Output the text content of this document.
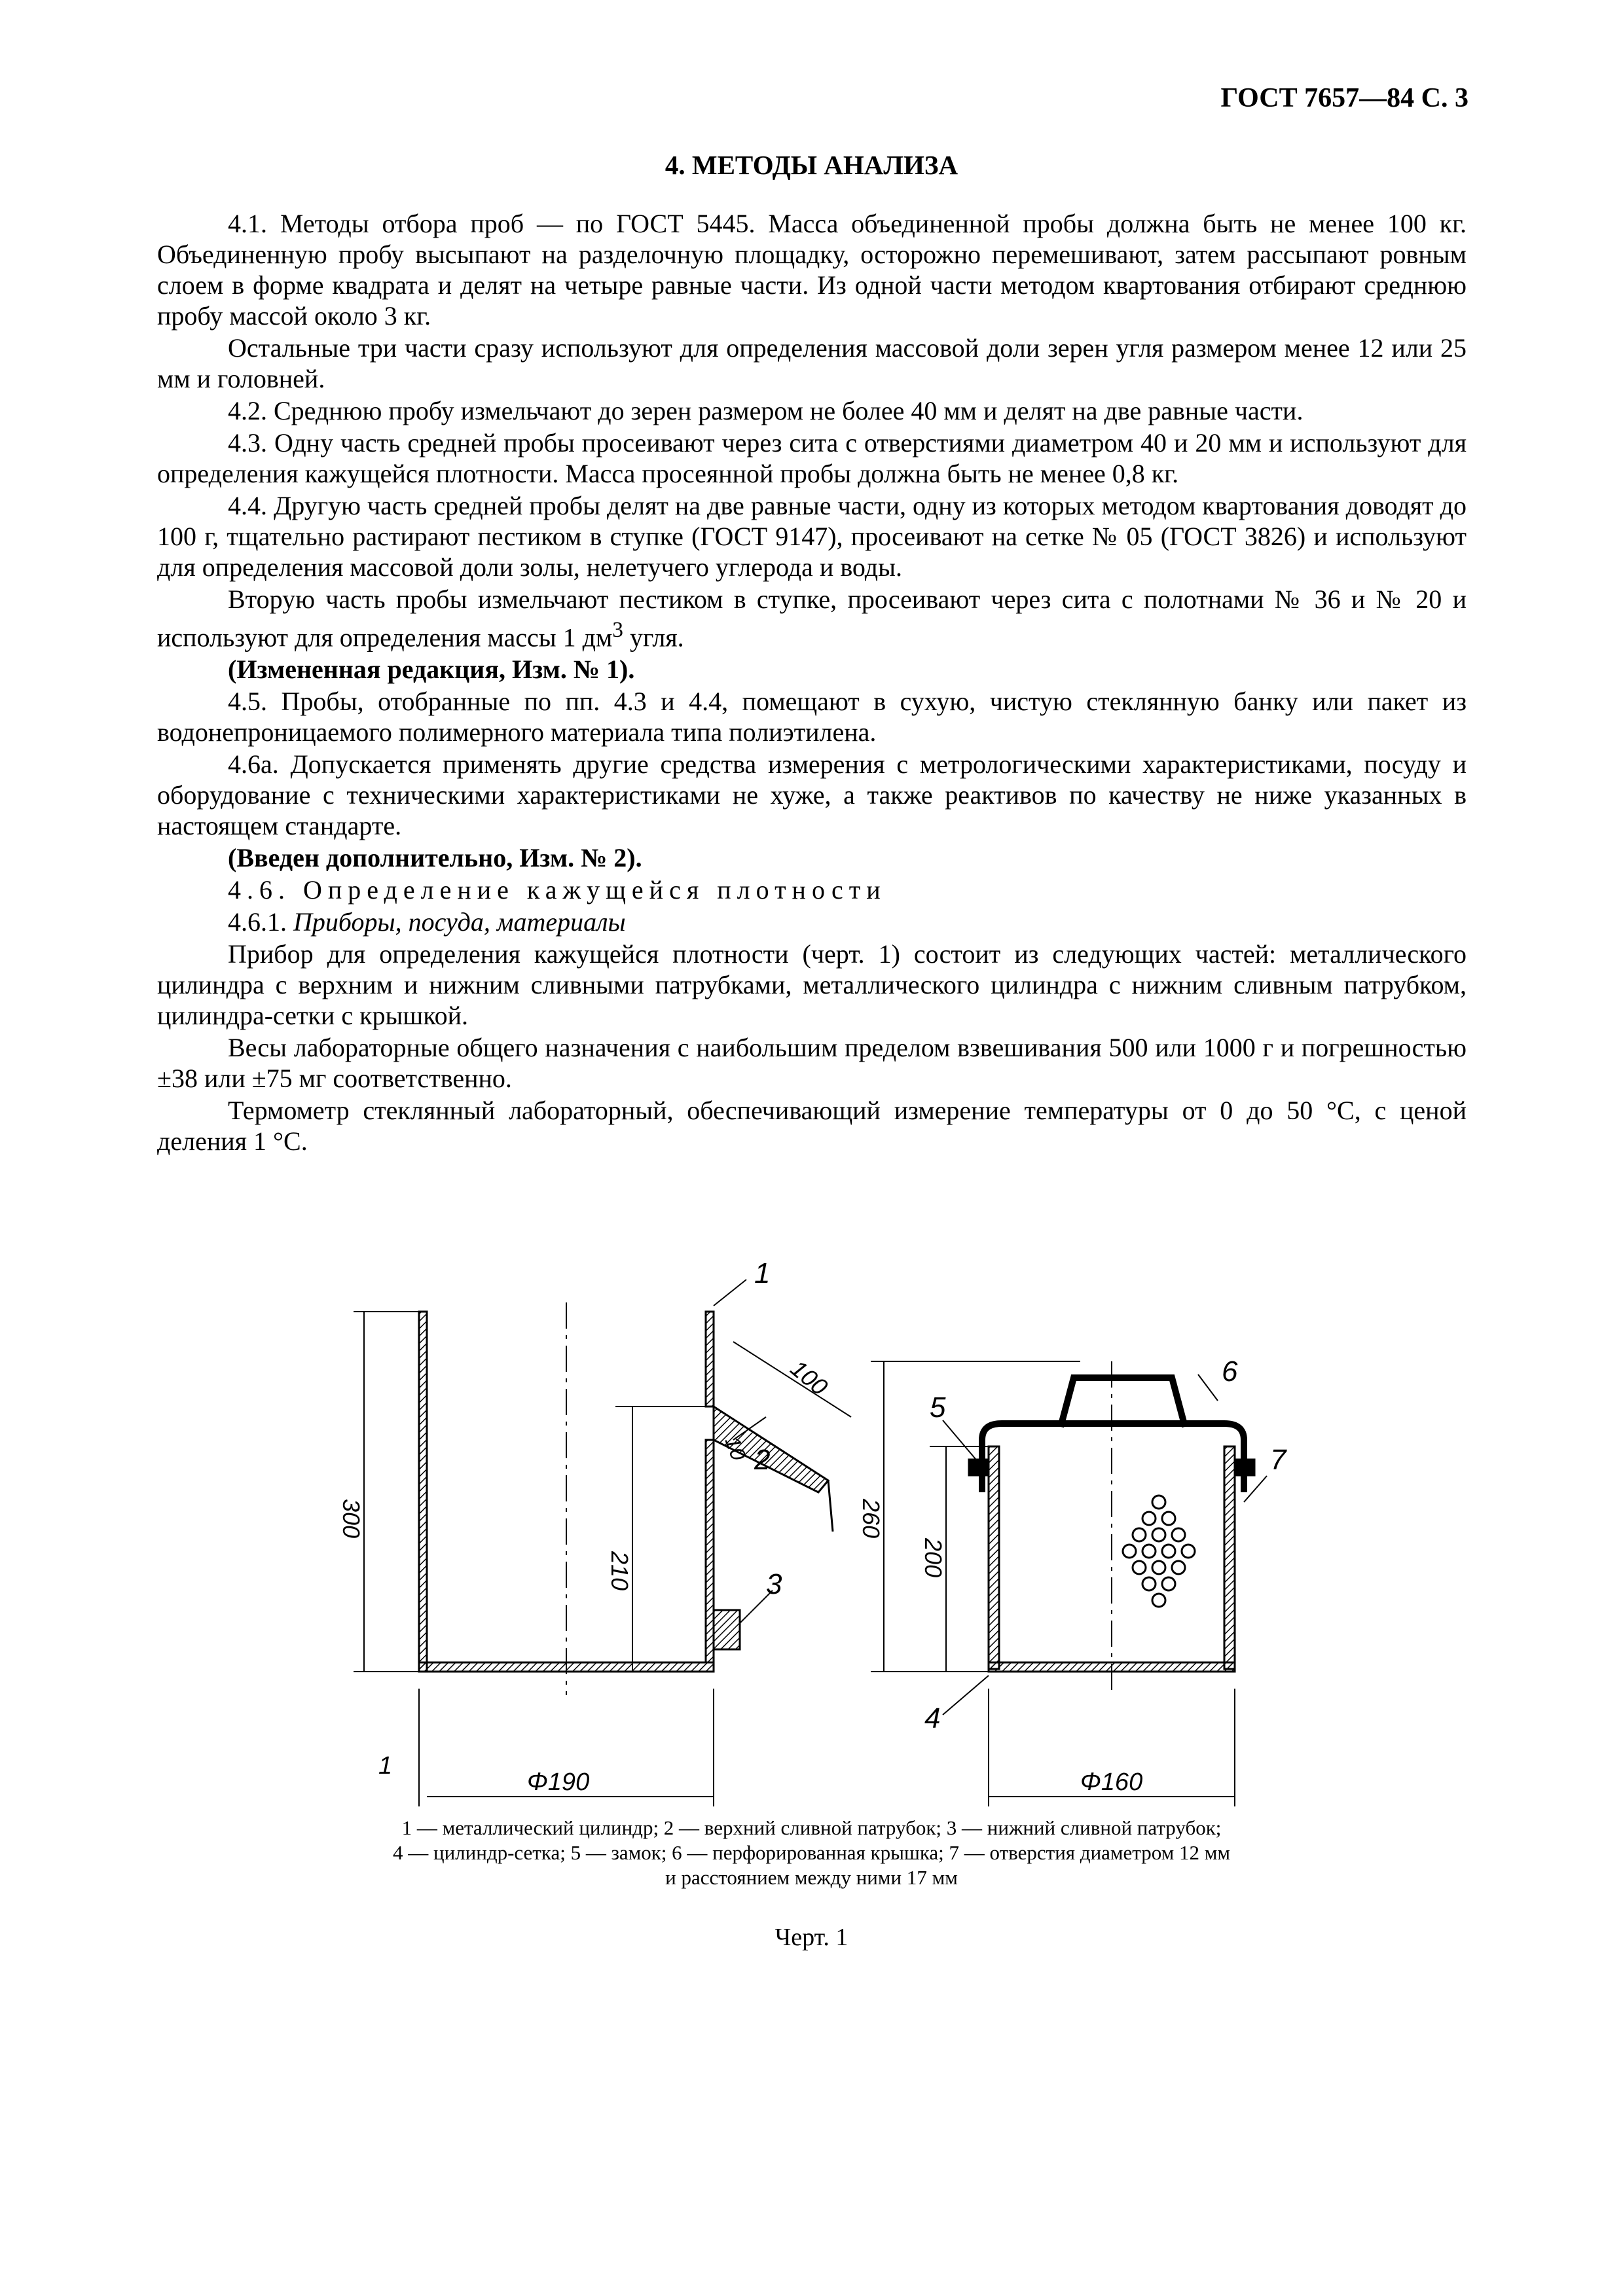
ГОСТ 7657—84 С. 3
4. МЕТОДЫ АНАЛИЗА

4.1. Методы отбора проб — по ГОСТ 5445. Масса объединенной пробы должна быть не менее 100 кг. Объединенную пробу высыпают на разделочную площадку, осторожно перемешивают, затем рассыпают ровным слоем в форме квадрата и делят на четыре равные части. Из одной части методом квартования отбирают среднюю пробу массой около 3 кг.

Остальные три части сразу используют для определения массовой доли зерен угля размером менее 12 или 25 мм и головней.

4.2. Среднюю пробу измельчают до зерен размером не более 40 мм и делят на две равные части.

4.3. Одну часть средней пробы просеивают через сита с отверстиями диаметром 40 и 20 мм и используют для определения кажущейся плотности. Масса просеянной пробы должна быть не менее 0,8 кг.

4.4. Другую часть средней пробы делят на две равные части, одну из которых методом квартования доводят до 100 г, тщательно растирают пестиком в ступке (ГОСТ 9147), просеивают на сетке № 05 (ГОСТ 3826) и используют для определения массовой доли золы, нелетучего углерода и воды.

Вторую часть пробы измельчают пестиком в ступке, просеивают через сита с полотнами № 36 и № 20 и используют для определения массы 1 $дм^3$ угля.

(Измененная редакция, Изм. № 1).

4.5. Пробы, отобранные по пп. 4.3 и 4.4, помещают в сухую, чистую стеклянную банку или пакет из водонепроницаемого полимерного материала типа полиэтилена.

4.6а. Допускается применять другие средства измерения с метрологическими характеристиками, посуду и оборудование с техническими характеристиками не хуже, а также реактивов по качеству не ниже указанных в настоящем стандарте.

(Введен дополнительно, Изм. № 2).

4.6. Определение кажущейся плотности

4.6.1. Приборы, посуда, материалы

Прибор для определения кажущейся плотности (черт. 1) состоит из следующих частей: металлического цилиндра с верхним и нижним сливными патрубками, металлического цилиндра с нижним сливным патрубком, цилиндра-сетки с крышкой.

Весы лабораторные общего назначения с наибольшим пределом взвешивания 500 или 1000 г и погрешностью ±38 или ±75 мг соответственно.

Термометр стеклянный лабораторный, обеспечивающий измерение температуры от 0 до 50 °С, с ценой деления 1 °С.

300
210
100
10
Φ190
1
260
200
Φ160
1
2
3
4
5
6
7
1 — металлический цилиндр; 2 — верхний сливной патрубок; 3 — нижний сливной патрубок;
4 — цилиндр-сетка; 5 — замок; 6 — перфорированная крышка; 7 — отверстия диаметром 12 мм
и расстоянием между ними 17 мм
Черт. 1
